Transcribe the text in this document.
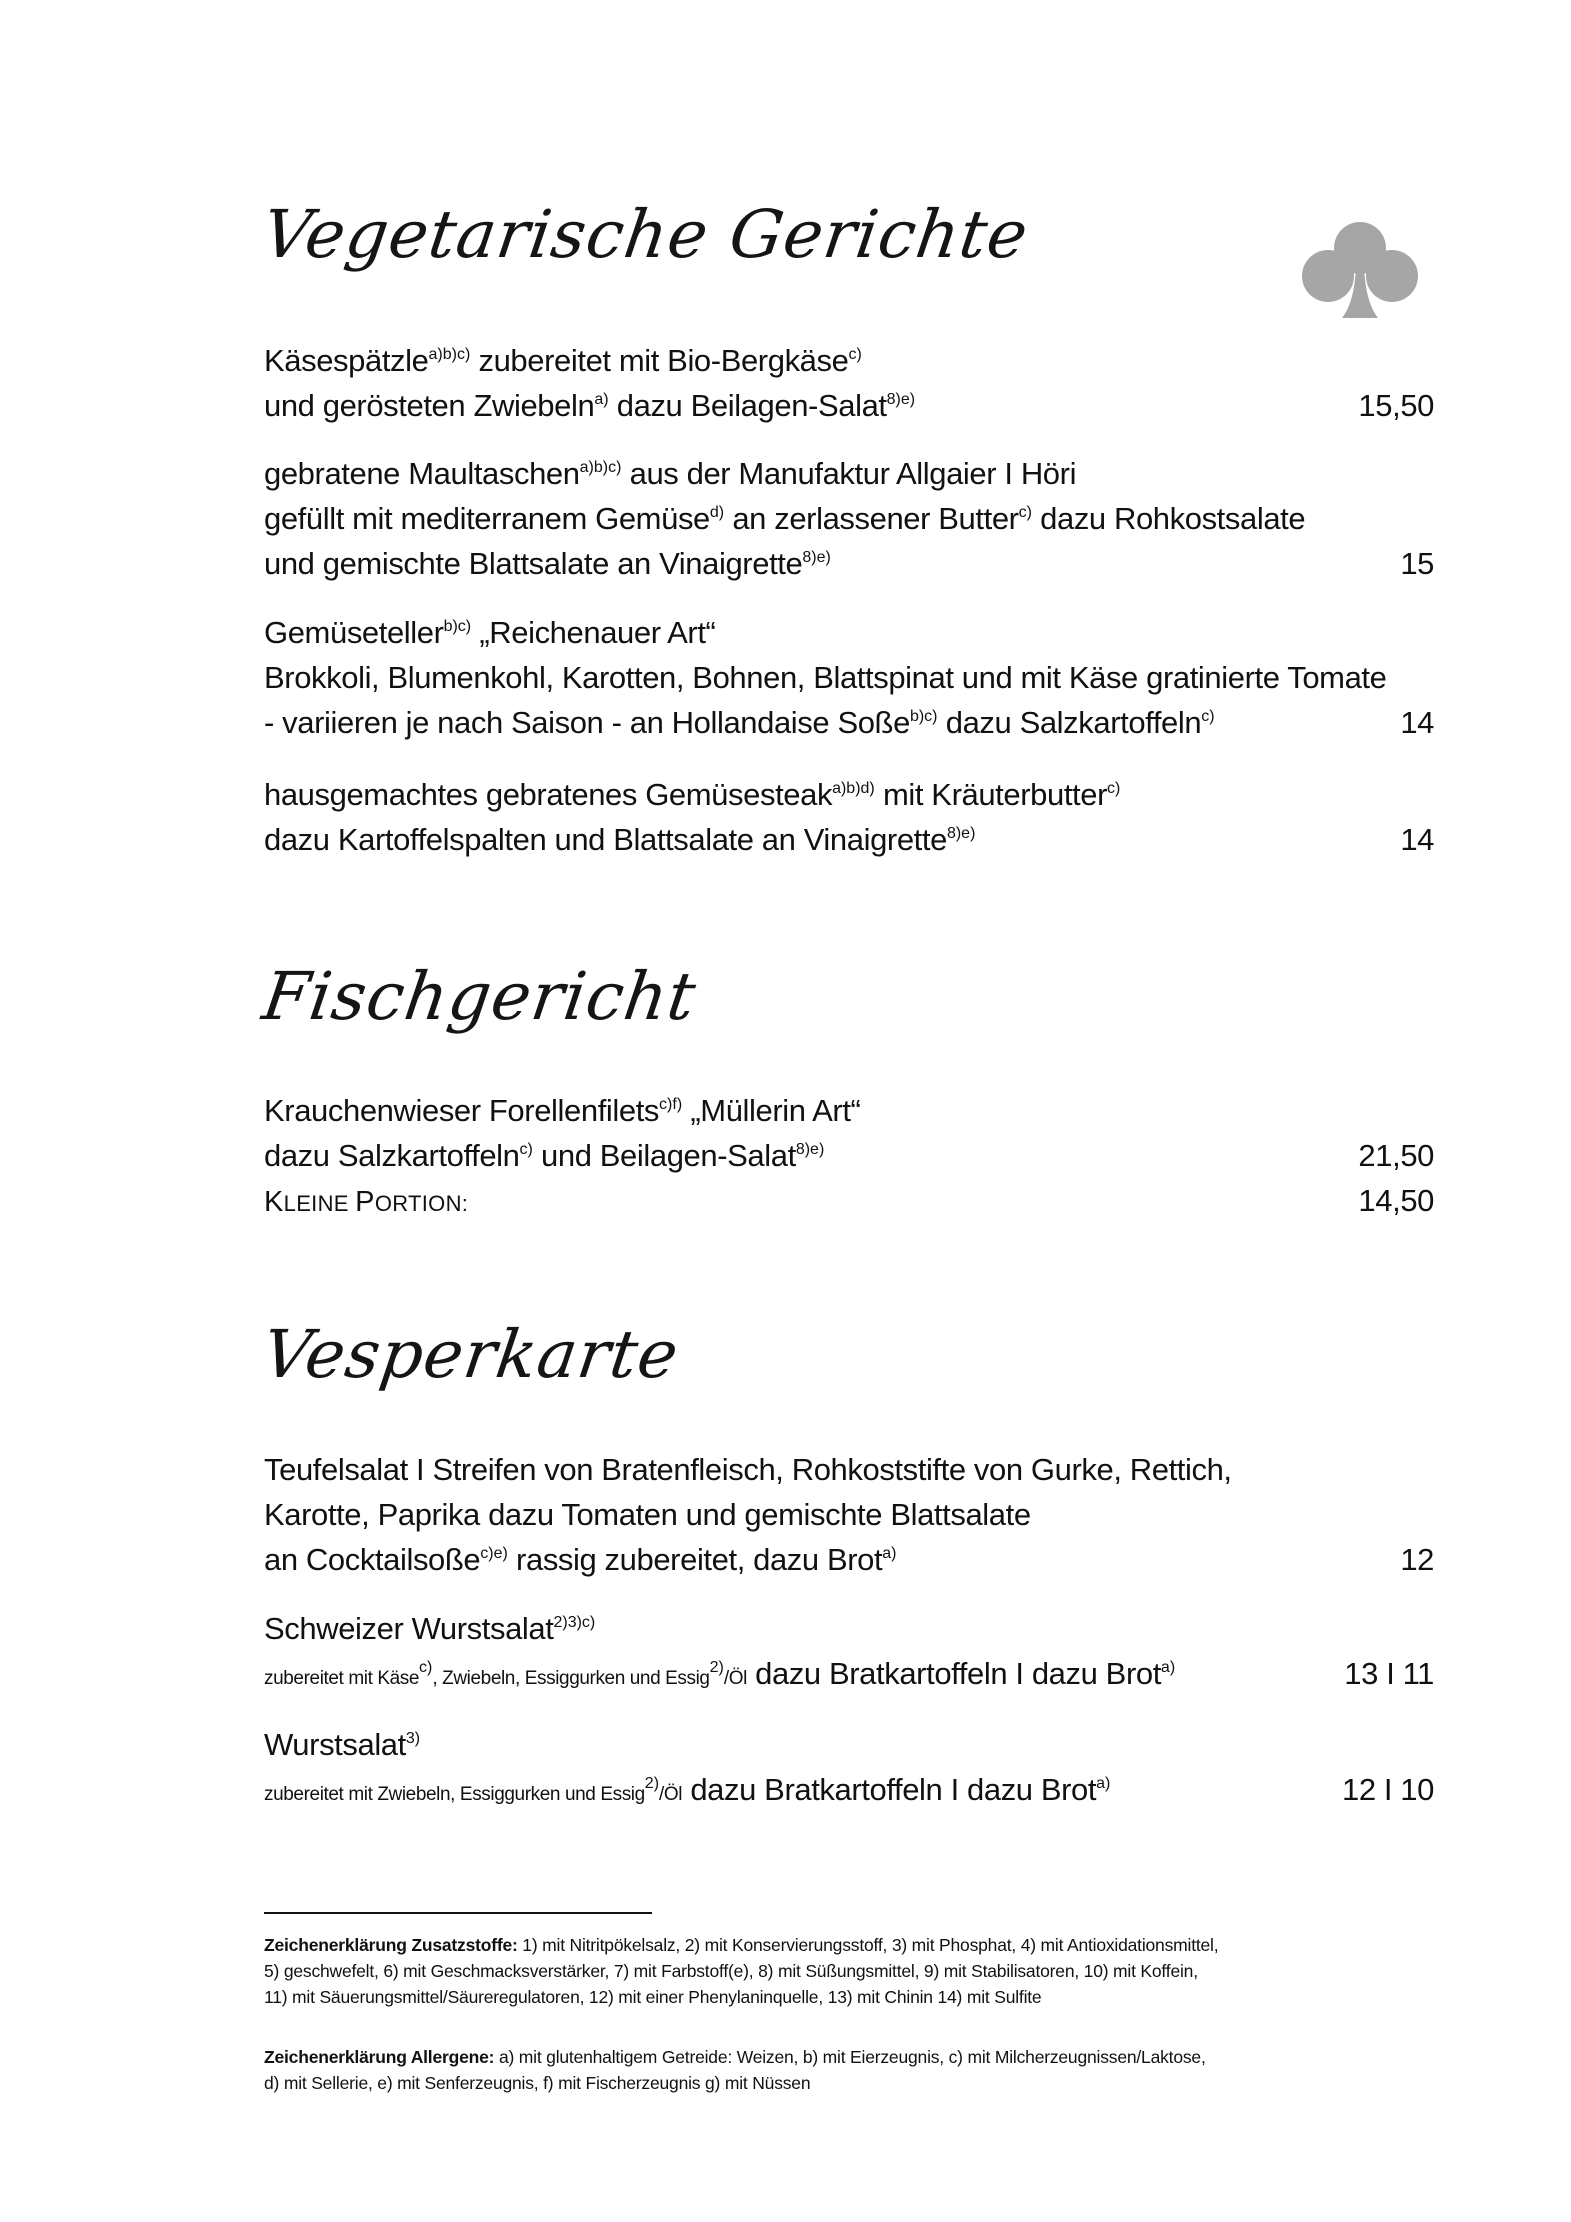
Vegetarische Gerichte
Käsespätzle$^{a)b)c)}$ zubereitet mit Bio-Bergkäse$^{c)}$
und gerösteten Zwiebeln$^{a)}$ dazu Beilagen-Salat$^{8)e)}$	15,50
gebratene Maultaschen$^{a)b)c)}$ aus der Manufaktur Allgaier I Höri
gefüllt mit mediterranem Gemüse$^{d)}$ an zerlassener Butter$^{c)}$ dazu Rohkostsalate
und gemischte Blattsalate an Vinaigrette$^{8)e)}$	15
Gemüseteller$^{b)c)}$ „Reichenauer Art“
Brokkoli, Blumenkohl, Karotten, Bohnen, Blattspinat und mit Käse gratinierte Tomate
- variieren je nach Saison - an Hollandaise Soße$^{b)c)}$ dazu Salzkartoffeln$^{c)}$	14
hausgemachtes gebratenes Gemüsesteak$^{a)b)d)}$ mit Kräuterbutter$^{c)}$
dazu Kartoffelspalten und Blattsalate an Vinaigrette$^{8)e)}$	14
Fischgericht
Krauchenwieser Forellenfilets$^{c)f)}$ „Müllerin Art“
dazu Salzkartoffeln$^{c)}$ und Beilagen-Salat$^{8)e)}$	21,50
KLEINE PORTION:	14,50
Vesperkarte
Teufelsalat I Streifen von Bratenfleisch, Rohkoststifte von Gurke, Rettich,
Karotte, Paprika dazu Tomaten und gemischte Blattsalate
an Cocktailsoße$^{c)e)}$ rassig zubereitet, dazu Brot$^{a)}$	12
Schweizer Wurstsalat$^{2)3)c)}$
zubereitet mit Käse$^{c)}$, Zwiebeln, Essiggurken und Essig$^{2)}$/Öl dazu Bratkartoffeln I dazu Brot$^{a)}$	13 I 11
Wurstsalat$^{3)}$
zubereitet mit Zwiebeln, Essiggurken und Essig$^{2)}$/Öl dazu Bratkartoffeln I dazu Brot$^{a)}$	12 I 10
Zeichenerklärung Zusatzstoffe: 1) mit Nitritpökelsalz, 2) mit Konservierungsstoff, 3) mit Phosphat, 4) mit Antioxidationsmittel,
5) geschwefelt, 6) mit Geschmacksverstärker, 7) mit Farbstoff(e), 8) mit Süßungsmittel, 9) mit Stabilisatoren, 10) mit Koffein,
11) mit Säuerungsmittel/Säureregulatoren, 12) mit einer Phenylaninquelle, 13) mit Chinin 14) mit Sulfite
Zeichenerklärung Allergene: a) mit glutenhaltigem Getreide: Weizen, b) mit Eierzeugnis, c) mit Milcherzeugnissen/Laktose,
d) mit Sellerie, e) mit Senferzeugnis, f) mit Fischerzeugnis g) mit Nüssen
